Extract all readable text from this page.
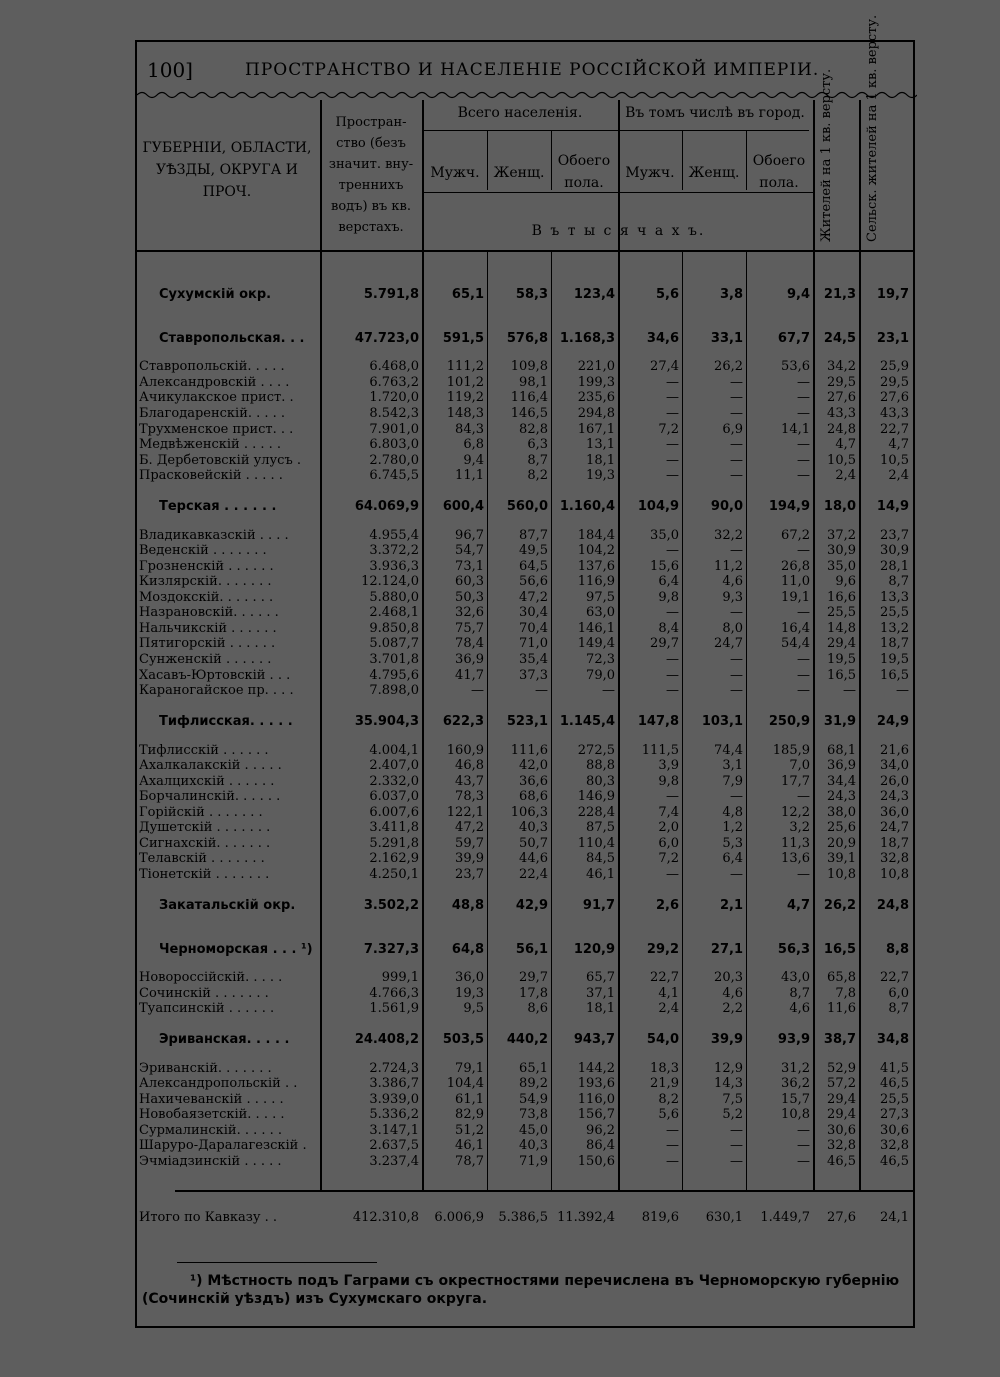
100]	ПРОСТРАНСТВО И НАСЕЛЕНІЕ РОССІЙСКОЙ ИМПЕРІИ.
ГУБЕРНІИ, ОБЛАСТИ, УѢЗДЫ, ОКРУГА И ПРОЧ.
Простран- ство (безъ значит. вну- треннихъ водъ) въ кв. верстахъ.
Всего населенія.
Мужч.	Женщ.
Обоего пола.
Въ томъ числѣ въ город.
Мужч.	Женщ.
Обоего пола.
В ъ т ы с я ч а х ъ.	Жителей на 1 кв. версту. Сельск. жителей на 1 кв. версту.
Сухумскій окр.	5.791,8	65,1	58,3	123,4	5,6	3,8	9,4	21,3	19,7
Ставропольская. . .	47.723,0	591,5	576,8 1.168,3	34,6	33,1	67,7	24,5	23,1
Ставропольскій. . . . .	6.468,0	111,2	109,8	221,0	27,4	26,2	53,6	34,2	25,9
Александровскій . . . .	6.763,2	101,2	98,1	199,3	—	—	—	29,5	29,5
Ачикулакское прист. .	1.720,0	119,2	116,4	235,6	—	—	—	27,6	27,6
Благодаренскій. . . . .	8.542,3	148,3	146,5	294,8	—	—	—	43,3	43,3
Трухменское прист. . .	7.901,0	84,3	82,8	167,1	7,2	6,9	14,1	24,8	22,7
Медвѣженскій . . . . .	6.803,0	6,8	6,3	13,1	—	—	—	4,7	4,7
Б. Дербетовскій улусъ .	2.780,0	9,4	8,7	18,1	—	—	—	10,5	10,5
Прасковейскій . . . . .	6.745,5	11,1	8,2	19,3	—	—	—	2,4	2,4
Терская . . . . . .	64.069,9	600,4	560,0 1.160,4	104,9	90,0	194,9	18,0	14,9
Владикавказскій . . . .	4.955,4	96,7	87,7	184,4	35,0	32,2	67,2	37,2	23,7
Веденскій . . . . . . .	3.372,2	54,7	49,5	104,2	—	—	—	30,9	30,9
Грозненскій . . . . . .	3.936,3	73,1	64,5	137,6	15,6	11,2	26,8	35,0	28,1
Кизлярскій. . . . . . .	12.124,0	60,3	56,6	116,9	6,4	4,6	11,0	9,6	8,7
Моздокскій. . . . . . .	5.880,0	50,3	47,2	97,5	9,8	9,3	19,1	16,6	13,3
Назрановскій. . . . . .	2.468,1	32,6	30,4	63,0	—	—	—	25,5	25,5
Нальчикскій . . . . . .	9.850,8	75,7	70,4	146,1	8,4	8,0	16,4	14,8	13,2
Пятигорскій . . . . . .	5.087,7	78,4	71,0	149,4	29,7	24,7	54,4	29,4	18,7
Сунженскій . . . . . .	3.701,8	36,9	35,4	72,3	—	—	—	19,5	19,5
Хасавъ-Юртовскій . . .	4.795,6	41,7	37,3	79,0	—	—	—	16,5	16,5
Караногайское пр. . . .	7.898,0	—	—	—	—	—	—	—	—
Тифлисская. . . . .	35.904,3	622,3	523,1 1.145,4	147,8	103,1	250,9	31,9	24,9
Тифлисскій . . . . . .	4.004,1	160,9	111,6	272,5	111,5	74,4	185,9	68,1	21,6
Ахалкалакскій . . . . .	2.407,0	46,8	42,0	88,8	3,9	3,1	7,0	36,9	34,0
Ахалцихскій . . . . . .	2.332,0	43,7	36,6	80,3	9,8	7,9	17,7	34,4	26,0
Борчалинскій. . . . . .	6.037,0	78,3	68,6	146,9	—	—	—	24,3	24,3
Горійскій . . . . . . .	6.007,6	122,1	106,3	228,4	7,4	4,8	12,2	38,0	36,0
Душетскій . . . . . . .	3.411,8	47,2	40,3	87,5	2,0	1,2	3,2	25,6	24,7
Сигнахскій. . . . . . .	5.291,8	59,7	50,7	110,4	6,0	5,3	11,3	20,9	18,7
Телавскій . . . . . . .	2.162,9	39,9	44,6	84,5	7,2	6,4	13,6	39,1	32,8
Тіонетскій . . . . . . .	4.250,1	23,7	22,4	46,1	—	—	—	10,8	10,8
Закатальскій окр.	3.502,2	48,8	42,9	91,7	2,6	2,1	4,7	26,2	24,8
Черноморская . . . ¹)	7.327,3	64,8	56,1	120,9	29,2	27,1	56,3	16,5	8,8
Новороссійскій. . . . .	999,1	36,0	29,7	65,7	22,7	20,3	43,0	65,8	22,7
Сочинскій . . . . . . .	4.766,3	19,3	17,8	37,1	4,1	4,6	8,7	7,8	6,0
Туапсинскій . . . . . .	1.561,9	9,5	8,6	18,1	2,4	2,2	4,6	11,6	8,7
Эриванская. . . . .	24.408,2	503,5	440,2	943,7	54,0	39,9	93,9	38,7	34,8
Эриванскій. . . . . . .	2.724,3	79,1	65,1	144,2	18,3	12,9	31,2	52,9	41,5
Александропольскій . .	3.386,7	104,4	89,2	193,6	21,9	14,3	36,2	57,2	46,5
Нахичеванскій . . . . .	3.939,0	61,1	54,9	116,0	8,2	7,5	15,7	29,4	25,5
Новобаязетскій. . . . .	5.336,2	82,9	73,8	156,7	5,6	5,2	10,8	29,4	27,3
Сурмалинскій. . . . . .	3.147,1	51,2	45,0	96,2	—	—	—	30,6	30,6
Шаруро-Даралагезскій .	2.637,5	46,1	40,3	86,4	—	—	—	32,8	32,8
Эчміадзинскій . . . . .	3.237,4	78,7	71,9	150,6	—	—	—	46,5	46,5
Итого по Кавказу . .	412.310,8	6.006,9	5.386,5 11.392,4	819,6	630,1	1.449,7	27,6	24,1
¹) Мѣстность подъ Гаграми съ окрестностями перечислена въ Черноморскую губернію (Сочинскій уѣздъ) изъ Сухумскаго округа.
